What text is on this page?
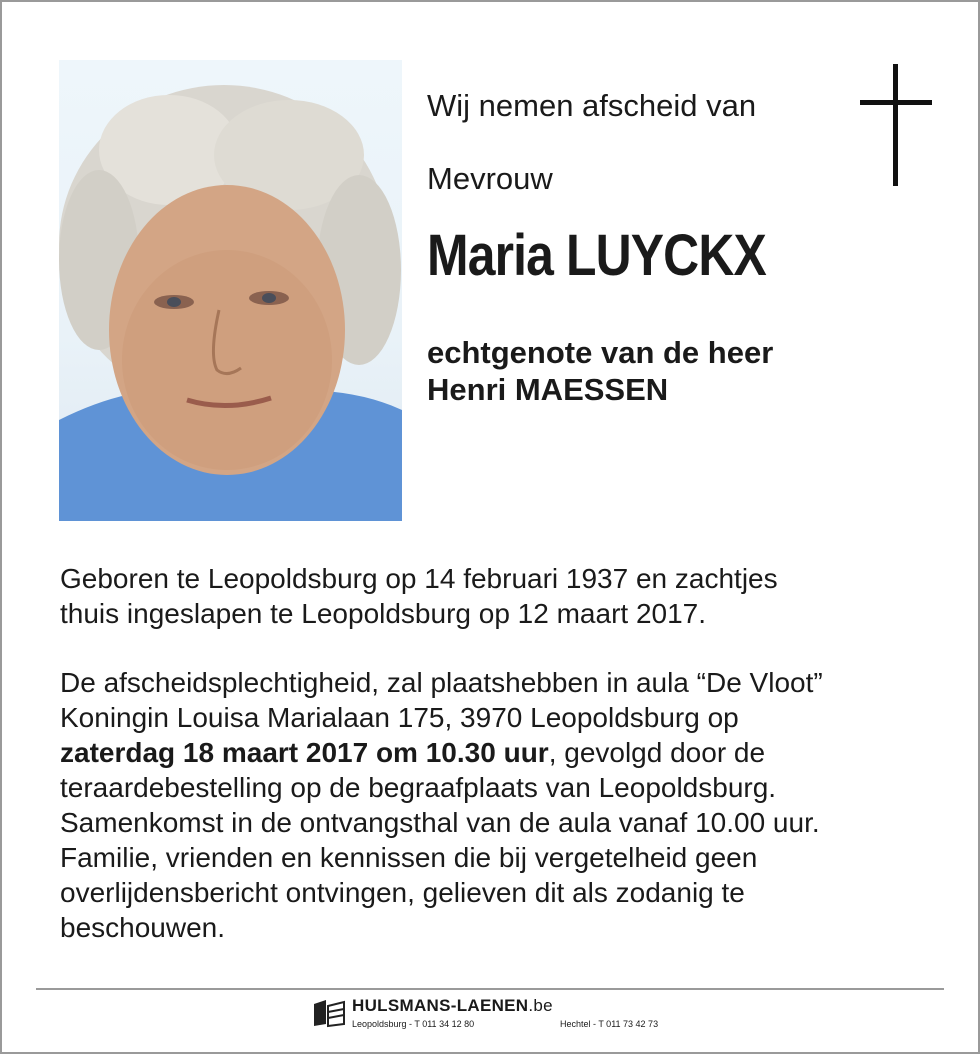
Wij nemen afscheid van
Mevrouw
Maria LUYCKX
echtgenote van de heer
Henri MAESSEN
Geboren te Leopoldsburg op 14 februari 1937 en zachtjes
thuis ingeslapen te Leopoldsburg op 12 maart 2017.
De afscheidsplechtigheid, zal plaatshebben in aula “De Vloot”
Koningin Louisa Marialaan 175, 3970 Leopoldsburg op
zaterdag 18 maart 2017 om 10.30 uur, gevolgd door de
teraardebestelling op de begraafplaats van Leopoldsburg.
Samenkomst in de ontvangsthal van de aula vanaf 10.00 uur.
Familie, vrienden en kennissen die bij vergetelheid geen
overlijdensbericht ontvingen, gelieven dit als zodanig te
beschouwen.
HULSMANS-LAENEN.be
Leopoldsburg - T 011 34 12 80	Hechtel - T 011 73 42 73
